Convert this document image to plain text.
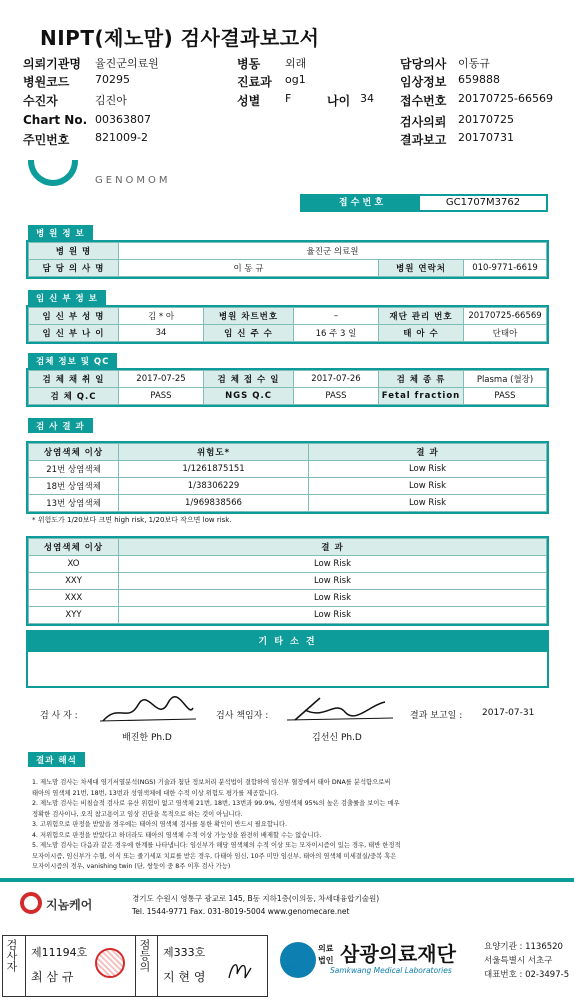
NIPT(제노맘) 검사결과보고서
의뢰기관명 율진군의료원	병동 외래	담당의사 이동규
병원코드 70295	진료과 og1	임상정보 659888
수진자	김진아	성별 F	나이 34 접수번호 20170725-66569
Chart No. 00363807	검사의뢰 20170725
주민번호 821009-2	결과보고 20170731
GENOMOM
접 수 번 호	GC1707M3762
병 원 정 보
병 원 명	율진군 의료원		
담 당 의 사 명	이 동 규	병원 연락처	010-9771-6619
임 신 부 정 보
임 신 부 성 명	김 * 아	병원 차트번호	–	재단 관리 번호	20170725-66569
임 신 부 나 이	34	임 신 주 수	16 주 3 일	태 아 수	단태아
검체 정보 및 QC
검 체 채 취 일	2017-07-25	검 체 접 수 일	2017-07-26	검 체 종 류	Plasma (혈장)
검 체 Q.C	PASS	NGS Q.C	PASS	Fetal fraction	PASS
검 사 결 과
상염색체 이상	위험도*	결 과
21번 상염색체	1/1261875151	Low Risk
18번 상염색체	1/38306229	Low Risk
13번 상염색체	1/969838566	Low Risk
* 위험도가 1/20보다 크면 high risk, 1/20보다 작으면 low risk.
성염색체 이상	결 과
XO	Low Risk
XXY	Low Risk
XXX	Low Risk
XYY	Low Risk
기 타 소 견
검 사 자 :
배진한 Ph.D
검사 책임자 :
김선신 Ph.D
결과 보고일 : 2017-07-31
결과 해석
1. 제노맘 검사는 차세대 염기서열분석(NGS) 기술과 첨단 정보처리 분석법이 결합하여 임신부 혈장에서 태아 DNA를 분석함으로써
태아의 염색체 21번, 18번, 13번과 성염색체에 대한 수적 이상 위험도 평가를 제공합니다.
2. 제노맘 검사는 비침습적 검사로 유산 위험이 없고 염색체 21번, 18번, 13번과 99.9%, 성염색체 95%의 높은 검출률을 보이는 매우
정확한 검사이나, 오직 참고용이고 임상 진단을 목적으로 하는 것이 아닙니다.
3. 고위험으로 판정을 받았을 경우에는 태아의 염색체 검사를 통한 확인이 반드시 필요합니다.
4. 저위험으로 판정을 받았다고 하더라도 태아의 염색체 수적 이상 가능성을 완전히 배제할 수는 없습니다.
5. 제노맘 검사는 다음과 같은 경우에 한계를 나타냅니다: 임신부가 해당 염색체의 수적 이상 또는 모자이시즘이 있는 경우, 태반 한정적
모자이시즘, 임신부가 수혈, 이식 또는 줄기세포 치료를 받은 경우, 다태아 임신, 10주 미만 임신부, 태아의 염색체 미세결실/중복 혹은
모자이시즘의 경우, vanishing twin (단, 쌍둥이 중 8주 이후 검사 가능)
지놈케어	경기도 수원시 영통구 광교로 145, B동 지하1층(이의동, 차세대융합기술원)
Tel. 1544-9771 Fax. 031-8019-5004 www.genomecare.net
검사자 제11194호
최 삼 규
점등의 제333호
지 현 영
SML
의료
법인 삼광의료재단
Samkwang Medical Laboratories
요양기관 : 1136520
서울특별시 서초구
대표번호 : 02-3497-5
